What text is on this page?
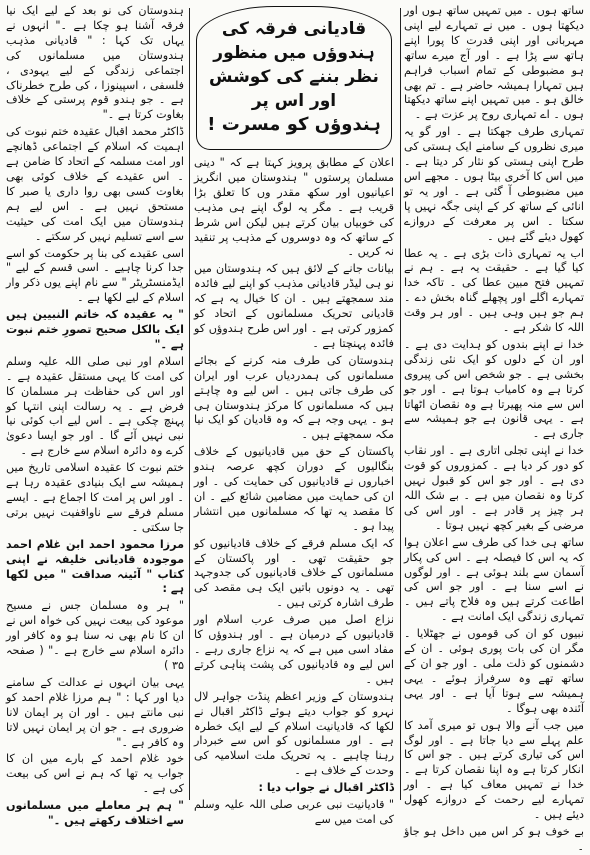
ساتھ ہوں ۔ میں تمہیں ساتھ ہوں اور دیکھتا ہوں ۔ میں نے تمہارے لیے اپنی مہربانی اور اپنی قدرت کا پورا اپنے ہاتھ سے پڑا ہے ۔ اور آج میرے ساتھ ہو مضبوطی کے تمام اسباب فراہم ہیں تمہارا ہمیشہ حاضر ہے ۔ تم بھی خالق ہو ۔ میں تمہیں اپنے ساتھ دیکھتا ہوں ۔ اے تمہاری روح پر عزت ہے ۔

تمہاری طرف جھکتا ہے ۔ اور گو یہ میری نظروں کے سامنے ایک ہستی کی طرح اپنی ہستی کو نثار کر دیتا ہے ۔ میں اس کا آخری بیٹا ہوں ۔ مجھے اس میں مضبوطی آ گئی ہے ۔ اور یہ تو انائی کے ساتھ کر کے اپنی جگہ نہیں پا سکتا ۔ اس پر معرفت کے دروازے کھول دیئے گئے ہیں ۔

اب یہ تمہاری ذات بڑی ہے ۔ یہ عطا کیا گیا ہے ۔ حقیقت یہ ہے ۔ ہم نے تمہیں فتح مبین عطا کی ۔ تاکہ خدا تمہارے اگلے اور پچھلے گناہ بخش دے ۔ ہم جو ہیں وہی ہیں ۔ اور ہر وقت اللہ کا شکر ہے ۔

خدا نے اپنے بندوں کو ہدایت دی ہے ۔ اور ان کے دلوں کو ایک نئی زندگی بخشی ہے ۔ جو شخص اس کی پیروی کرتا ہے وہ کامیاب ہوتا ہے ۔ اور جو اس سے منہ پھیرتا ہے وہ نقصان اٹھاتا ہے ۔ یہی قانون ہے جو ہمیشہ سے جاری ہے ۔

خدا نے اپنی تجلی اتاری ہے ۔ اور نقاب کو دور کر دیا ہے ۔ کمزوروں کو قوت دی ہے ۔ اور جو اس کو قبول نہیں کرتا وہ نقصان میں ہے ۔ بے شک اللہ ہر چیز پر قادر ہے ۔ اور اس کی مرضی کے بغیر کچھ نہیں ہوتا ۔

ساتھ ہی خدا کی طرف سے اعلان ہوا کہ یہ اس کا فیصلہ ہے ۔ اس کی پکار آسمان سے بلند ہوئی ہے ۔ اور لوگوں نے اسے سنا ہے ۔ اور جو اس کی اطاعت کرتے ہیں وہ فلاح پاتے ہیں ۔ تمہاری زندگی ایک امانت ہے ۔

نبیوں کو ان کی قوموں نے جھٹلایا ۔ مگر ان کی بات پوری ہوئی ۔ ان کے دشمنوں کو ذلت ملی ۔ اور جو ان کے ساتھ تھے وہ سرفراز ہوئے ۔ یہی ہمیشہ سے ہوتا آیا ہے ۔ اور یہی آئندہ بھی ہوگا ۔

میں جب آنے والا ہوں تو میری آمد کا علم پہلے سے دیا جاتا ہے ۔ اور لوگ اس کی تیاری کرتے ہیں ۔ جو اس کا انکار کرتا ہے وہ اپنا نقصان کرتا ہے ۔ خدا نے تمہیں معاف کیا ہے ۔ اور تمہارے لیے رحمت کے دروازے کھول دیئے ہیں ۔

بے خوف ہو کر اس میں داخل ہو جاؤ ۔

قادیانی فرقہ کی ہندوؤں میں منظور
نظر بننے کی کوشش اور اس پر
ہندوؤں کو مسرت !

اعلان کے مطابق پرویز کہتا ہے کہ " دینی مسلمان پرستوں " ہندوستان میں انگریز اعیانیوں اور سکھ مقدر وں کا تعلق بڑا قریب ہے ۔ مگر یہ لوگ اپنے ہی مذہب کی خوبیاں بیان کرتے ہیں لیکن اس شرط کے ساتھ کہ وہ دوسروں کے مذہب پر تنقید نہ کریں ۔

بیانات جانے کے لائق ہیں کہ ہندوستان میں نو ہی لیڈر قادیانی مذہب کو اپنے لیے فائدہ مند سمجھتے ہیں ۔ ان کا خیال یہ ہے کہ قادیانی تحریک مسلمانوں کے اتحاد کو کمزور کرتی ہے ۔ اور اس طرح ہندوؤں کو فائدہ پہنچتا ہے ۔

ہندوستان کی طرف منہ کرنے کے بجائے مسلمانوں کی ہمدردیاں عرب اور ایران کی طرف جاتی ہیں ۔ اس لیے وہ چاہتے ہیں کہ مسلمانوں کا مرکز ہندوستان ہی ہو ۔ یہی وجہ ہے کہ وہ قادیان کو ایک نیا مکہ سمجھتے ہیں ۔

پاکستان کے حق میں قادیانیوں کے خلاف بنگالیوں کے دوران کچھ عرصہ ہندو اخباروں نے قادیانیوں کی حمایت کی ۔ اور ان کی حمایت میں مضامین شائع کیے ۔ ان کا مقصد یہ تھا کہ مسلمانوں میں انتشار پیدا ہو ۔

کہ ایک مسلم فرقے کے خلاف قادیانیوں کو جو حقیقت تھی ۔ اور پاکستان کے مسلمانوں کے خلاف قادیانیوں کی جدوجہد تھی ۔ یہ دونوں باتیں ایک ہی مقصد کی طرف اشارہ کرتی ہیں ۔

نزاع اصل میں صرف عرب اسلام اور قادیانیوں کے درمیان ہے ۔ اور ہندوؤں کا مفاد اسی میں ہے کہ یہ نزاع جاری رہے ۔ اس لیے وہ قادیانیوں کی پشت پناہی کرتے ہیں ۔

ہندوستان کے وزیر اعظم پنڈت جواہر لال نہرو کو جواب دیتے ہوئے ڈاکٹر اقبال نے لکھا کہ قادیانیت اسلام کے لیے ایک خطرہ ہے ۔ اور مسلمانوں کو اس سے خبردار رہنا چاہیے ۔ یہ تحریک ملت اسلامیہ کی وحدت کے خلاف ہے ۔

ڈاکٹر اقبال نے جواب دیا :

" قادیانیت نبی عربی صلی اللہ علیہ وسلم کی امت میں سے

ہندوستان کی نو بعد کے لیے ایک نیا فرقہ آشنا ہو چکا ہے ۔" انہوں نے یہاں تک کہا : " قادیانی مذہب ہندوستان میں مسلمانوں کی اجتماعی زندگی کے لیے یہودی ، فلسفی ، اسپینوزا ، کی طرح خطرناک ہے ۔ جو ہندو قوم پرستی کے خلاف بغاوت کرتا ہے ۔"

ڈاکٹر محمد اقبال عقیدہ ختم نبوت کی اہمیت کہ اسلام کے اجتماعی ڈھانچے اور امت مسلمہ کے اتحاد کا ضامن ہے ۔ اس عقیدے کے خلاف کوئی بھی بغاوت کسی بھی روا داری یا صبر کا مستحق نہیں ہے ۔ اس لیے ہم ہندوستان میں ایک امت کی حیثیت سے اسے تسلیم نہیں کر سکتے ۔

اسی عقیدے کی بنا پر حکومت کو اسے جدا کرنا چاہیے ۔ اسی قسم کے لیے " ایڈمنسٹریٹر " سے نام اپنے یوں ذکر وار اسلام کے لیے لکھا ہے ۔

" یہ عقیدہ کہ خاتم النبیین ہیں ایک بالکل صحیح تصورِ ختم نبوت ہے ۔"

اسلام اور نبی صلی اللہ علیہ وسلم کی امت کا یہی مستقل عقیدہ ہے ۔ اور اس کی حفاظت ہر مسلمان کا فرض ہے ۔ یہ رسالت اپنی انتہا کو پہنچ چکی ہے ۔ اس لیے اب کوئی نیا نبی نہیں آئے گا ۔ اور جو ایسا دعویٰ کرے وہ دائرہ اسلام سے خارج ہے ۔

ختم نبوت کا عقیدہ اسلامی تاریخ میں ہمیشہ سے ایک بنیادی عقیدہ رہا ہے ۔ اور اس پر امت کا اجماع ہے ۔ ایسے مسلم فرقے سے ناواقفیت نہیں برتی جا سکتی ۔

مرزا محمود احمد ابن غلام احمد موجودہ قادیانی خلیفہ نے اپنی کتاب " آئینہ صداقت " میں لکھا ہے :

" ہر وہ مسلمان جس نے مسیح موعود کی بیعت نہیں کی خواہ اس نے ان کا نام بھی نہ سنا ہو وہ کافر اور دائرہ اسلام سے خارج ہے ۔" ( صفحہ ۳۵ )

یہی بیان انہوں نے عدالت کے سامنے دیا اور کہا : " ہم مرزا غلام احمد کو نبی مانتے ہیں ۔ اور ان پر ایمان لانا ضروری ہے ۔ جو ان پر ایمان نہیں لاتا وہ کافر ہے ۔"

خود غلام احمد کے بارے میں ان کا جواب یہ تھا کہ ہم نے اس کی بیعت کی ہے ۔

" ہم ہر معاملے میں مسلمانوں سے اختلاف رکھتے ہیں ۔"
